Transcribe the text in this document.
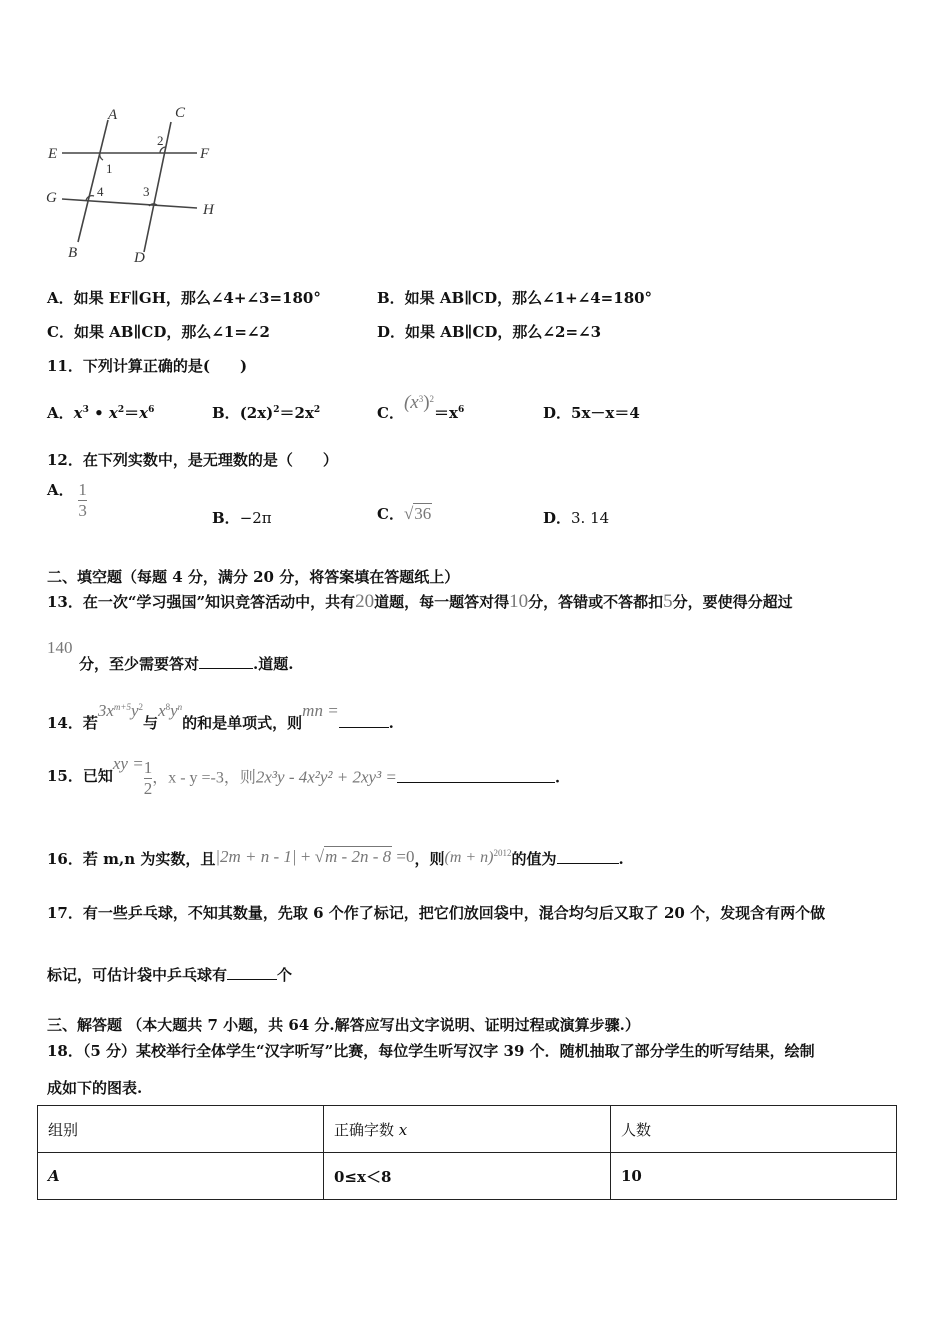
A
B
C
D
E	F
G
H
1
2
3
4
A．如果 EF∥GH，那么∠4+∠3=180°	B．如果 AB∥CD，那么∠1+∠4=180°
C．如果 AB∥CD，那么∠1=∠2	D．如果 AB∥CD，那么∠2=∠3
11．下列计算正确的是(　　)
A．$x^3$ • $x^2=x^6$	B．$(2x)^2=2x^2$	C．$(x^3)^2=x^6$	D．5x－x＝4
12．在下列实数中，是无理数的是（　　）
A． $\frac{1}{3}$	B．−2π	C．√36	D．3. 14
二、填空题（每题 4 分，满分 20 分，将答案填在答题纸上）
13．在一次“学习强国”知识竞答活动中，共有20道题，每一题答对得10分，答错或不答都扣5分，要使得分超过
140
分，至少需要答对	.道题.
14．若$3x^{m+5}y^2$与$x^8y^n$的和是单项式，则mn =.
15．已知xy = $\frac{1}{2}$ ，x - y =-3，则2x³y - 4x²y² + 2xy³ =	.
16．若 m,n 为实数，且|2m + n - 1| + √m - 2n - 8 =0，则$(m + n)^{2012}$的值为	.
17．有一些乒乓球，不知其数量，先取 6 个作了标记，把它们放回袋中，混合均匀后又取了 20 个，发现含有两个做
标记，可估计袋中乒乓球有	个
三、解答题 （本大题共 7 小题，共 64 分.解答应写出文字说明、证明过程或演算步骤.）
18．（5 分）某校举行全体学生“汉字听写”比赛，每位学生听写汉字 39 个．随机抽取了部分学生的听写结果，绘制
成如下的图表.
组别	正确字数 x	人数
A	0≤x＜8	10
